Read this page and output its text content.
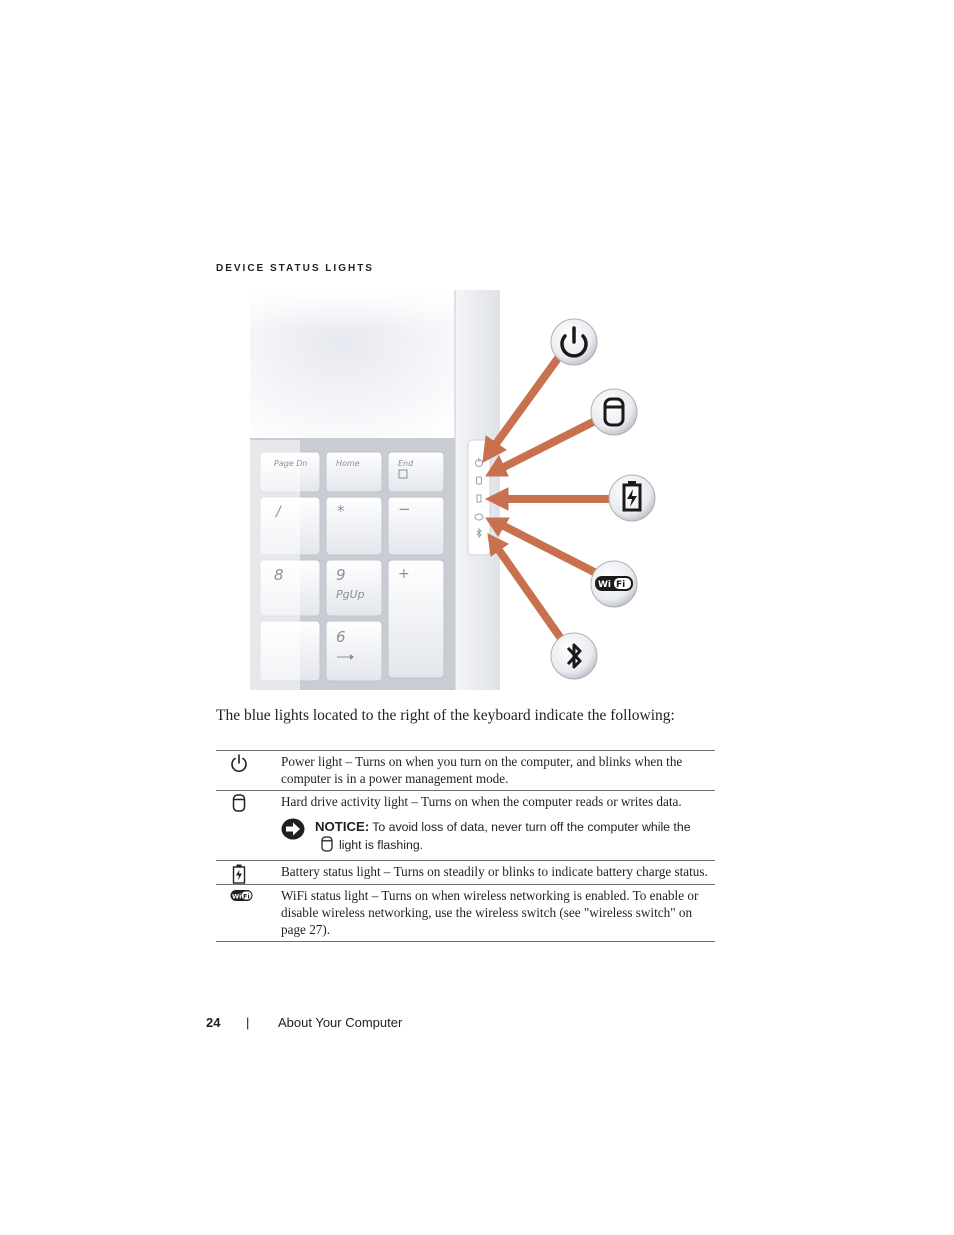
DEVICE STATUS LIGHTS
Page Dn	Home	End
/	*	−
8	9
PgUp
+
6
Wi Fi

The blue lights located to the right of the keyboard indicate the following:

	Power light – Turns on when you turn on the computer, and blinks when the computer is in a power management mode.

	Hard drive activity light – Turns on when the computer reads or writes data.
NOTICE: To avoid loss of data, never turn off the computer while the
light is flashing.

	Battery status light – Turns on steadily or blinks to indicate battery charge status.

Wi Fi	WiFi status light – Turns on when wireless networking is enabled. To enable or disable wireless networking, use the wireless switch (see "wireless switch" on page 27).
24 | About Your Computer
